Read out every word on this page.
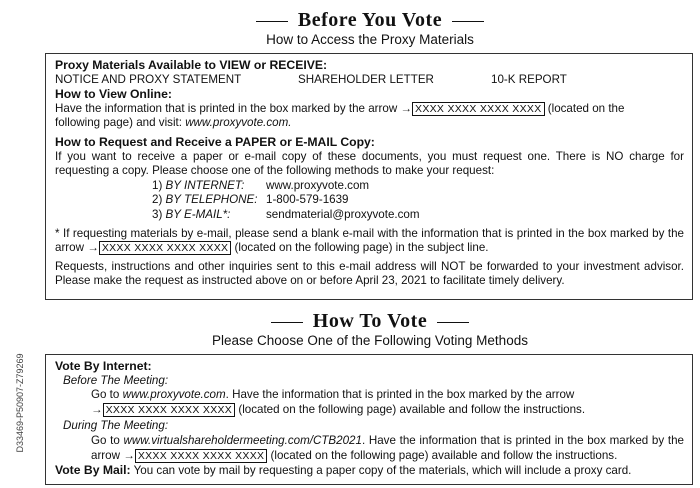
D33469-P50907-Z79269
Before You Vote
How to Access the Proxy Materials
Proxy Materials Available to VIEW or RECEIVE:
NOTICE AND PROXY STATEMENT	SHAREHOLDER LETTER	10-K REPORT
How to View Online:
Have the information that is printed in the box marked by the arrow → XXXX XXXX XXXX XXXX (located on the
following page) and visit: www.proxyvote.com.
How to Request and Receive a PAPER or E-MAIL Copy:
If you want to receive a paper or e-mail copy of these documents, you must request one. There is NO charge for requesting a copy. Please choose one of the following methods to make your request:
1) BY INTERNET:	www.proxyvote.com
2) BY TELEPHONE: 1-800-579-1639
3) BY E-MAIL*:	sendmaterial@proxyvote.com
* If requesting materials by e-mail, please send a blank e-mail with the information that is printed in the box marked by the arrow → XXXX XXXX XXXX XXXX (located on the following page) in the subject line.
Requests, instructions and other inquiries sent to this e-mail address will NOT be forwarded to your investment advisor. Please make the request as instructed above on or before April 23, 2021 to facilitate timely delivery.
How To Vote
Please Choose One of the Following Voting Methods
Vote By Internet:
Before The Meeting:
Go to www.proxyvote.com. Have the information that is printed in the box marked by the arrow
→ XXXX XXXX XXXX XXXX (located on the following page) available and follow the instructions.
During The Meeting:
Go to www.virtualshareholdermeeting.com/CTB2021. Have the information that is printed in the box marked by the arrow → XXXX XXXX XXXX XXXX (located on the following page) available and follow the instructions.
Vote By Mail: You can vote by mail by requesting a paper copy of the materials, which will include a proxy card.
